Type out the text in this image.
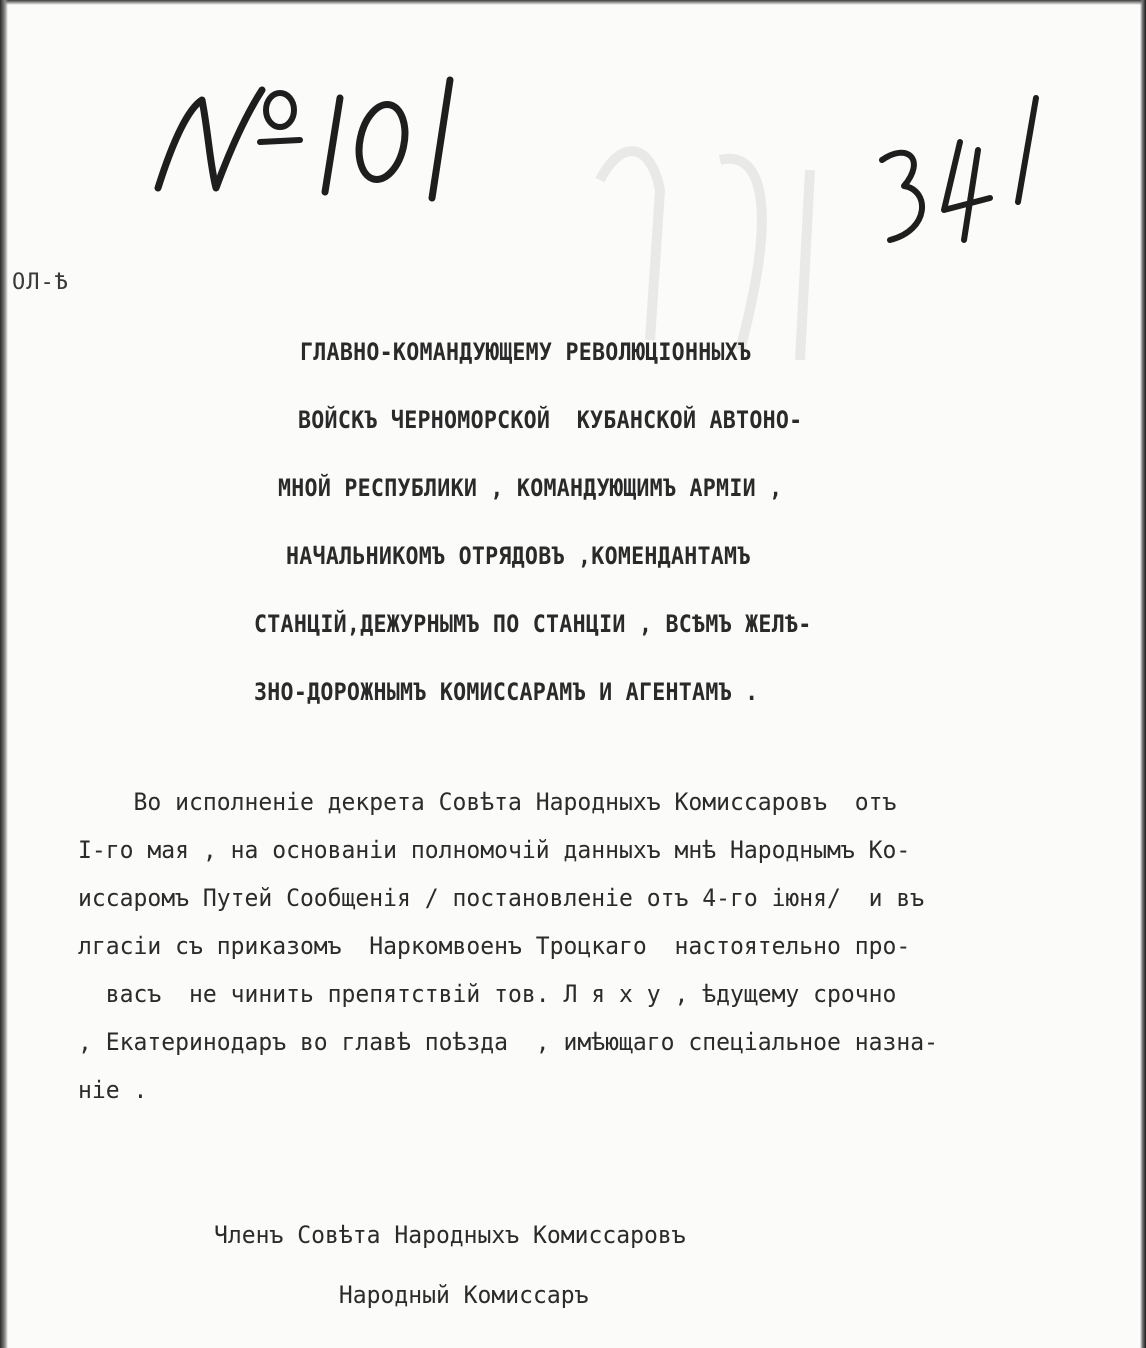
ОЛ-Ѣ
ГЛАВНО-КОМАНДУЮЩЕМУ РЕВОЛЮЦІОННЫХЪ
ВОЙСКЪ ЧЕРНОМОРСКОЙ  КУБАНСКОЙ АВТОНО-
МНОЙ РЕСПУБЛИКИ , КОМАНДУЮЩИМЪ АРМІИ ,
НАЧАЛЬНИКОМЪ ОТРЯДОВЪ ,КОМЕНДАНТАМЪ
СТАНЦІЙ,ДЕЖУРНЫМЪ ПО СТАНЦІИ , ВСѢМЪ ЖЕЛѢ-
ЗНО-ДОРОЖНЫМЪ КОМИССАРАМЪ И АГЕНТАМЪ .
Во исполненіе декрета Совѣта Народныхъ Комиссаровъ  отъ
I-го мая , на основаніи полномочій данныхъ мнѣ Народнымъ Ко-
иссаромъ Путей Сообщенія / постановленіе отъ 4-го іюня/  и въ
лгасіи съ приказомъ  Наркомвоенъ Троцкаго  настоятельно про-
васъ  не чинить препятствій тов. Л я х у , ѣдущему срочно
, Екатеринодаръ во главѣ поѣзда  , имѣющаго спеціальное назна-
ніе .
Членъ Совѣта Народныхъ Комиссаровъ
Народный Комиссаръ
